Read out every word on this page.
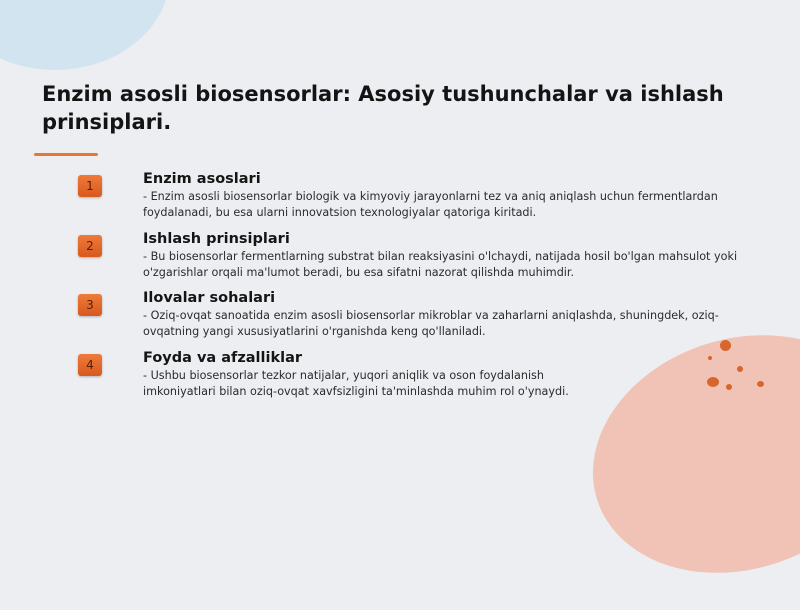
Enzim asosli biosensorlar: Asosiy tushunchalar va ishlash prinsiplari.
1	Enzim asoslari
- Enzim asosli biosensorlar biologik va kimyoviy jarayonlarni tez va aniq aniqlash uchun fermentlardan foydalanadi, bu esa ularni innovatsion texnologiyalar qatoriga kiritadi.
2	Ishlash prinsiplari
- Bu biosensorlar fermentlarning substrat bilan reaksiyasini o'lchaydi, natijada hosil bo'lgan mahsulot yoki o'zgarishlar orqali ma'lumot beradi, bu esa sifatni nazorat qilishda muhimdir.
3	Ilovalar sohalari
- Oziq-ovqat sanoatida enzim asosli biosensorlar mikroblar va zaharlarni aniqlashda, shuningdek, oziq-ovqatning yangi xususiyatlarini o'rganishda keng qo'llaniladi.
4	Foyda va afzalliklar
- Ushbu biosensorlar tezkor natijalar, yuqori aniqlik va oson foydalanish imkoniyatlari bilan oziq-ovqat xavfsizligini ta'minlashda muhim rol o'ynaydi.
